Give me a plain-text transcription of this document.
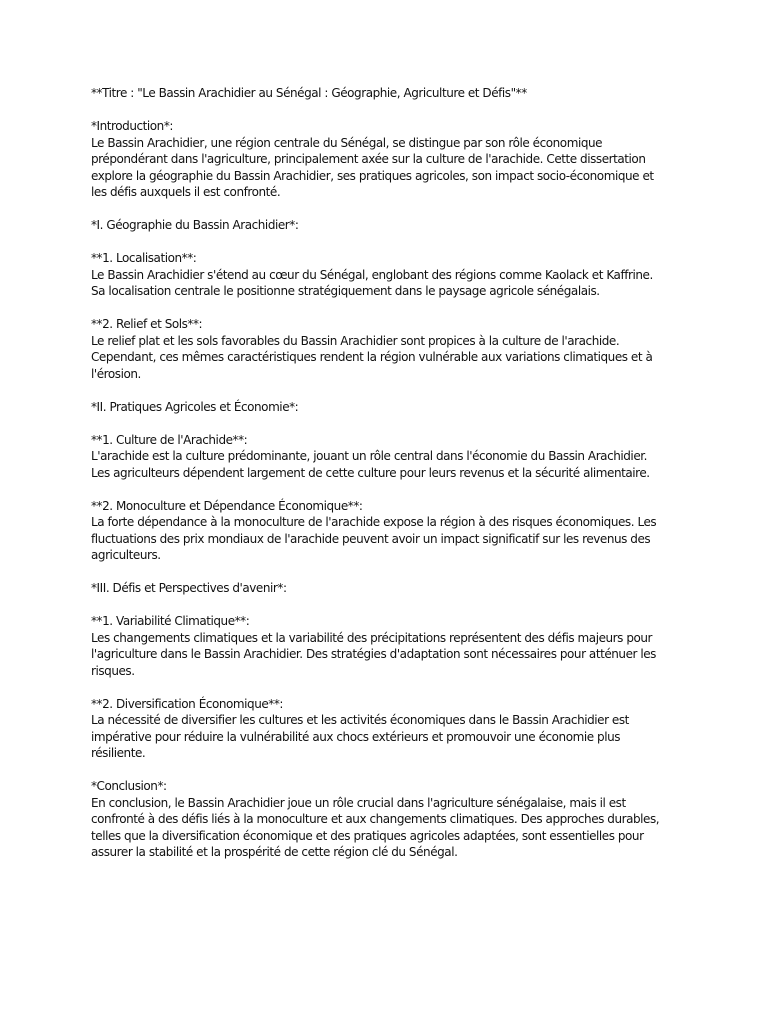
**Titre : "Le Bassin Arachidier au Sénégal : Géographie, Agriculture et Défis"**

*Introduction*:
Le Bassin Arachidier, une région centrale du Sénégal, se distingue par son rôle économique
prépondérant dans l'agriculture, principalement axée sur la culture de l'arachide. Cette dissertation
explore la géographie du Bassin Arachidier, ses pratiques agricoles, son impact socio-économique et
les défis auxquels il est confronté.

*I. Géographie du Bassin Arachidier*:

**1. Localisation**:
Le Bassin Arachidier s'étend au cœur du Sénégal, englobant des régions comme Kaolack et Kaffrine.
Sa localisation centrale le positionne stratégiquement dans le paysage agricole sénégalais.

**2. Relief et Sols**:
Le relief plat et les sols favorables du Bassin Arachidier sont propices à la culture de l'arachide.
Cependant, ces mêmes caractéristiques rendent la région vulnérable aux variations climatiques et à
l'érosion.

*II. Pratiques Agricoles et Économie*:

**1. Culture de l'Arachide**:
L'arachide est la culture prédominante, jouant un rôle central dans l'économie du Bassin Arachidier.
Les agriculteurs dépendent largement de cette culture pour leurs revenus et la sécurité alimentaire.

**2. Monoculture et Dépendance Économique**:
La forte dépendance à la monoculture de l'arachide expose la région à des risques économiques. Les
fluctuations des prix mondiaux de l'arachide peuvent avoir un impact significatif sur les revenus des
agriculteurs.

*III. Défis et Perspectives d'avenir*:

**1. Variabilité Climatique**:
Les changements climatiques et la variabilité des précipitations représentent des défis majeurs pour
l'agriculture dans le Bassin Arachidier. Des stratégies d'adaptation sont nécessaires pour atténuer les
risques.

**2. Diversification Économique**:
La nécessité de diversifier les cultures et les activités économiques dans le Bassin Arachidier est
impérative pour réduire la vulnérabilité aux chocs extérieurs et promouvoir une économie plus
résiliente.

*Conclusion*:
En conclusion, le Bassin Arachidier joue un rôle crucial dans l'agriculture sénégalaise, mais il est
confronté à des défis liés à la monoculture et aux changements climatiques. Des approches durables,
telles que la diversification économique et des pratiques agricoles adaptées, sont essentielles pour
assurer la stabilité et la prospérité de cette région clé du Sénégal.
